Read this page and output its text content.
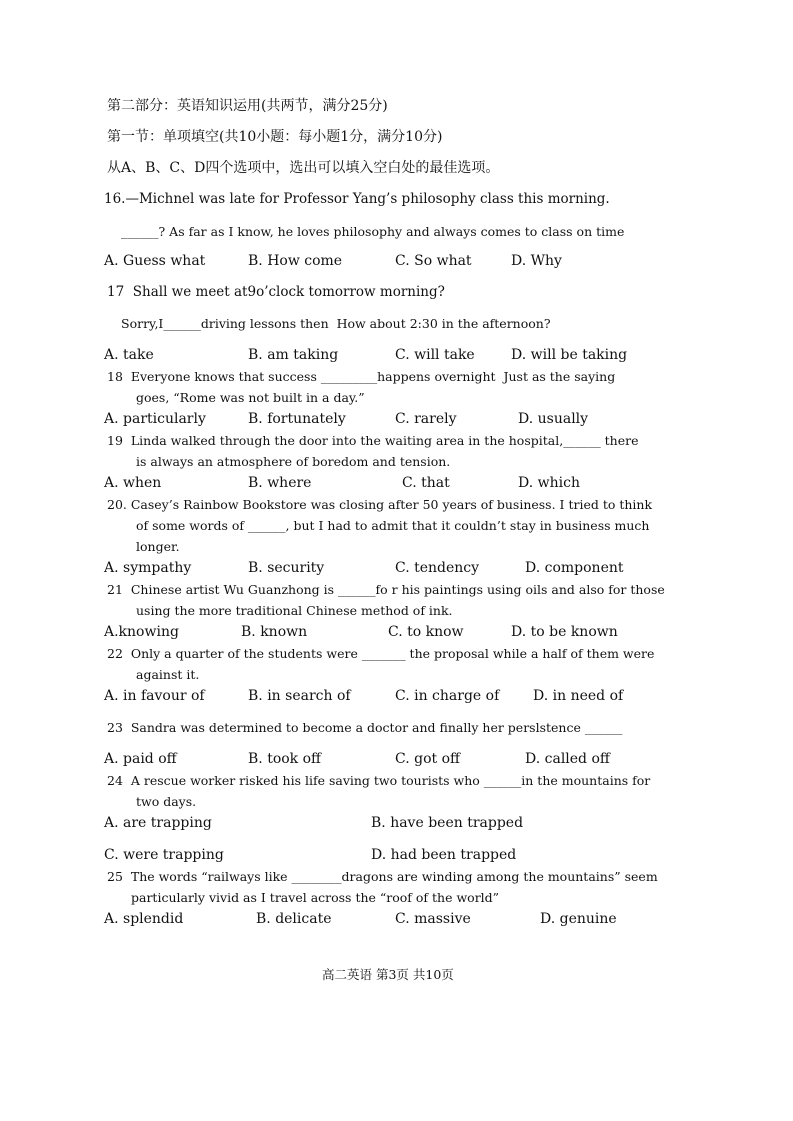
第二部分：英语知识运用(共两节，满分25分)
第一节：单项填空(共10小题：每小题1分，满分10分)
从A、B、C、D四个选项中，选出可以填入空白处的最佳选项。
16.—Michnel was late for Professor Yang’s philosophy class this morning.
______? As far as I know, he loves philosophy and always comes to class on time
A. Guess what	B. How come	C. So what	D. Why
17  Shall we meet at9o’clock tomorrow morning?
Sorry,I______driving lessons then  How about 2:30 in the afternoon?
A. take	B. am taking	C. will take	D. will be taking
18  Everyone knows that success _________happens overnight  Just as the saying
goes, “Rome was not built in a day.”
A. particularly	B. fortunately	C. rarely	D. usually
19  Linda walked through the door into the waiting area in the hospital,______ there
is always an atmosphere of boredom and tension.
A. when	B. where	C. that	D. which
20. Casey’s Rainbow Bookstore was closing after 50 years of business. I tried to think
of some words of ______, but I had to admit that it couldn’t stay in business much
longer.
A. sympathy	B. security	C. tendency	D. component
21  Chinese artist Wu Guanzhong is ______fo r his paintings using oils and also for those
using the more traditional Chinese method of ink.
A.knowing	B. known	C. to know	D. to be known
22  Only a quarter of the students were _______ the proposal while a half of them were
against it.
A. in favour of	B. in search of	C. in charge of D. in need of
23  Sandra was determined to become a doctor and finally her perslstence ______
A. paid off	B. took off	C. got off	D. called off
24  A rescue worker risked his life saving two tourists who ______in the mountains for
two days.
A. are trapping	B. have been trapped
C. were trapping	D. had been trapped
25  The words “railways like ________dragons are winding among the mountains” seem
particularly vivid as I travel across the “roof of the world”
A. splendid	B. delicate	C. massive	D. genuine
高二英语 第3页 共10页
